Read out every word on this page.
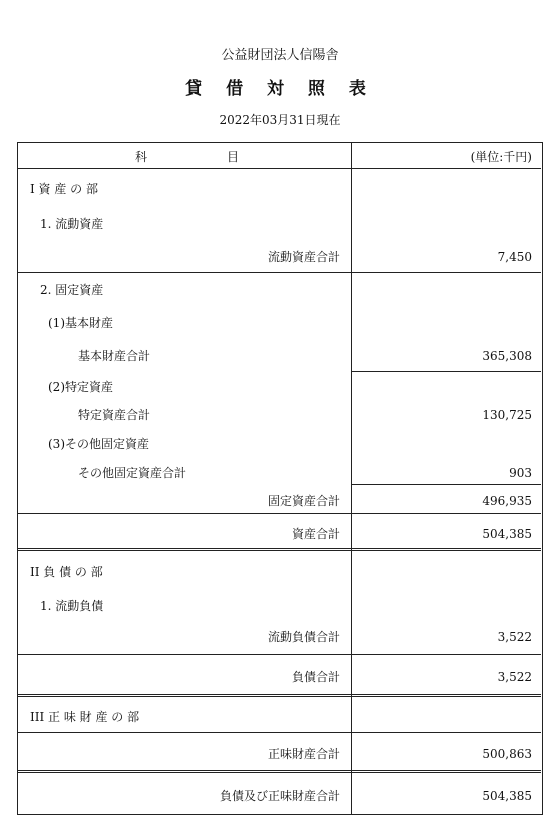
公益財団法人信陽舎
貸 借 対 照 表
2022年03月31日現在
科	目	(単位:千円)
I 資 産 の 部
1. 流動資産
流動資産合計	7,450
2. 固定資産
(1)基本財産
基本財産合計	365,308
(2)特定資産
特定資産合計	130,725
(3)その他固定資産
その他固定資産合計	903
固定資産合計	496,935
資産合計	504,385
II 負 債 の 部
1. 流動負債
流動負債合計	3,522
負債合計	3,522
III 正 味 財 産 の 部
正味財産合計	500,863
負債及び正味財産合計	504,385
